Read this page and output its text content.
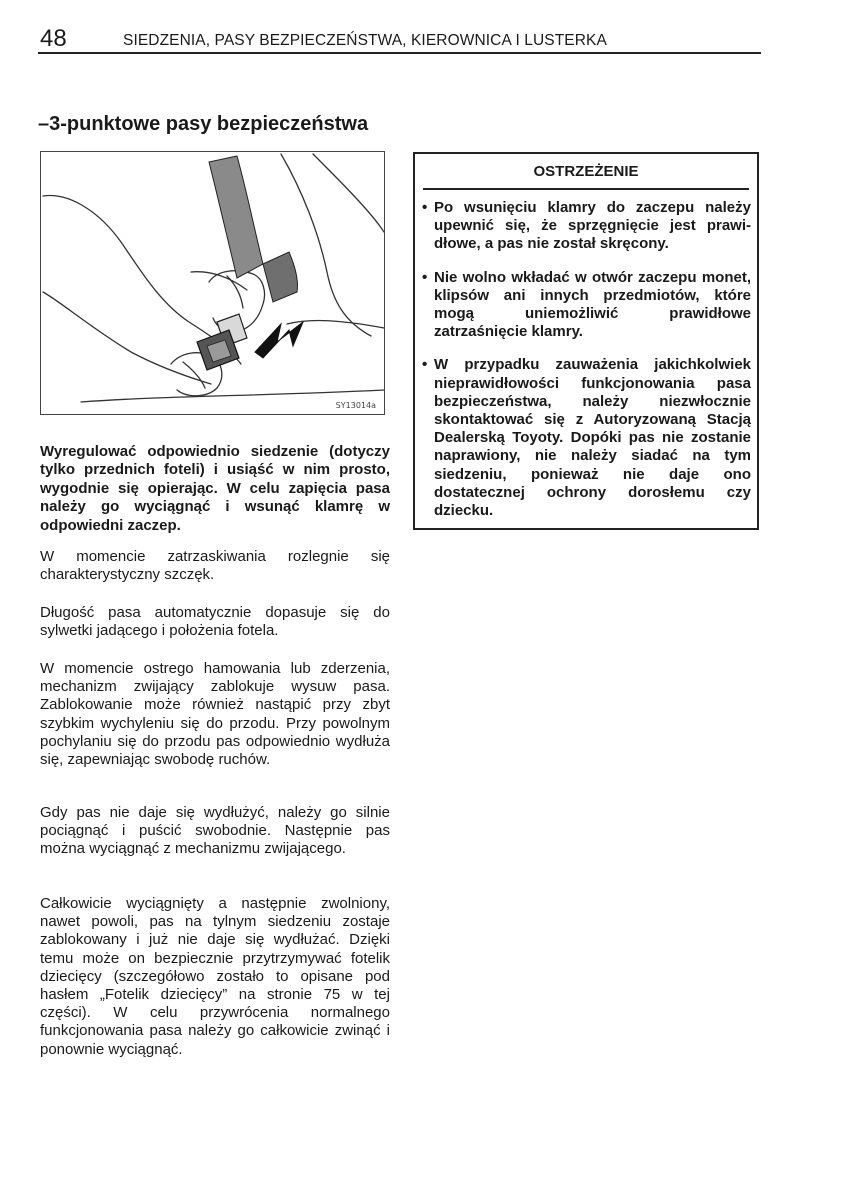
48	SIEDZENIA, PASY BEZPIECZEŃSTWA, KIEROWNICA I LUSTERKA
–3-punktowe pasy bezpieczeństwa
SY13014a

Wyregulować odpowiednio siedzenie (dotyczy tylko przednich foteli) i usiąść w nim prosto, wygodnie się opierając. W celu zapięcia pasa należy go wyciągnąć i wsunąć klamrę w odpowiedni zaczep.

W momencie zatrzaskiwania rozlegnie się charakterystyczny szczęk.

Długość pasa automatycznie dopasuje się do sylwetki jadącego i położenia fotela.

W momencie ostrego hamowania lub zderzenia, mechanizm zwijający zablokuje wysuw pasa. Zablokowanie może również nastąpić przy zbyt szybkim wychyleniu się do przodu. Przy powolnym pochylaniu się do przodu pas odpowiednio wydłuża się, zapewniając swobodę ruchów.

Gdy pas nie daje się wydłużyć, należy go silnie pociągnąć i puścić swobodnie. Następnie pas można wyciągnąć z mechanizmu zwijającego.

Całkowicie wyciągnięty a następnie zwolniony, nawet powoli, pas na tylnym siedzeniu zostaje zablokowany i już nie daje się wydłużać. Dzięki temu może on bezpiecznie przytrzymywać fotelik dziecięcy (szczegółowo zostało to opisane pod hasłem „Fotelik dziecięcy” na stronie 75 w tej części). W celu przywrócenia normalnego funkcjonowania pasa należy go całkowicie zwinąć i ponownie wyciągnąć.

OSTRZEŻENIE
• Po wsunięciu klamry do zaczepu należy upewnić się, że sprzęgnięcie jest prawidłowe, a pas nie został skręcony.
• Nie wolno wkładać w otwór zaczepu monet, klipsów ani innych przedmiotów, które mogą uniemożliwić prawidłowe zatrzaśnięcie klamry.
• W przypadku zauważenia jakichkolwiek nieprawidłowości funkcjonowania pasa bezpieczeństwa, należy niezwłocznie skontaktować się z Autoryzowaną Stacją Dealerską Toyoty. Dopóki pas nie zostanie naprawiony, nie należy siadać na tym siedzeniu, ponieważ nie daje ono dostatecznej ochrony dorosłemu czy dziecku.
